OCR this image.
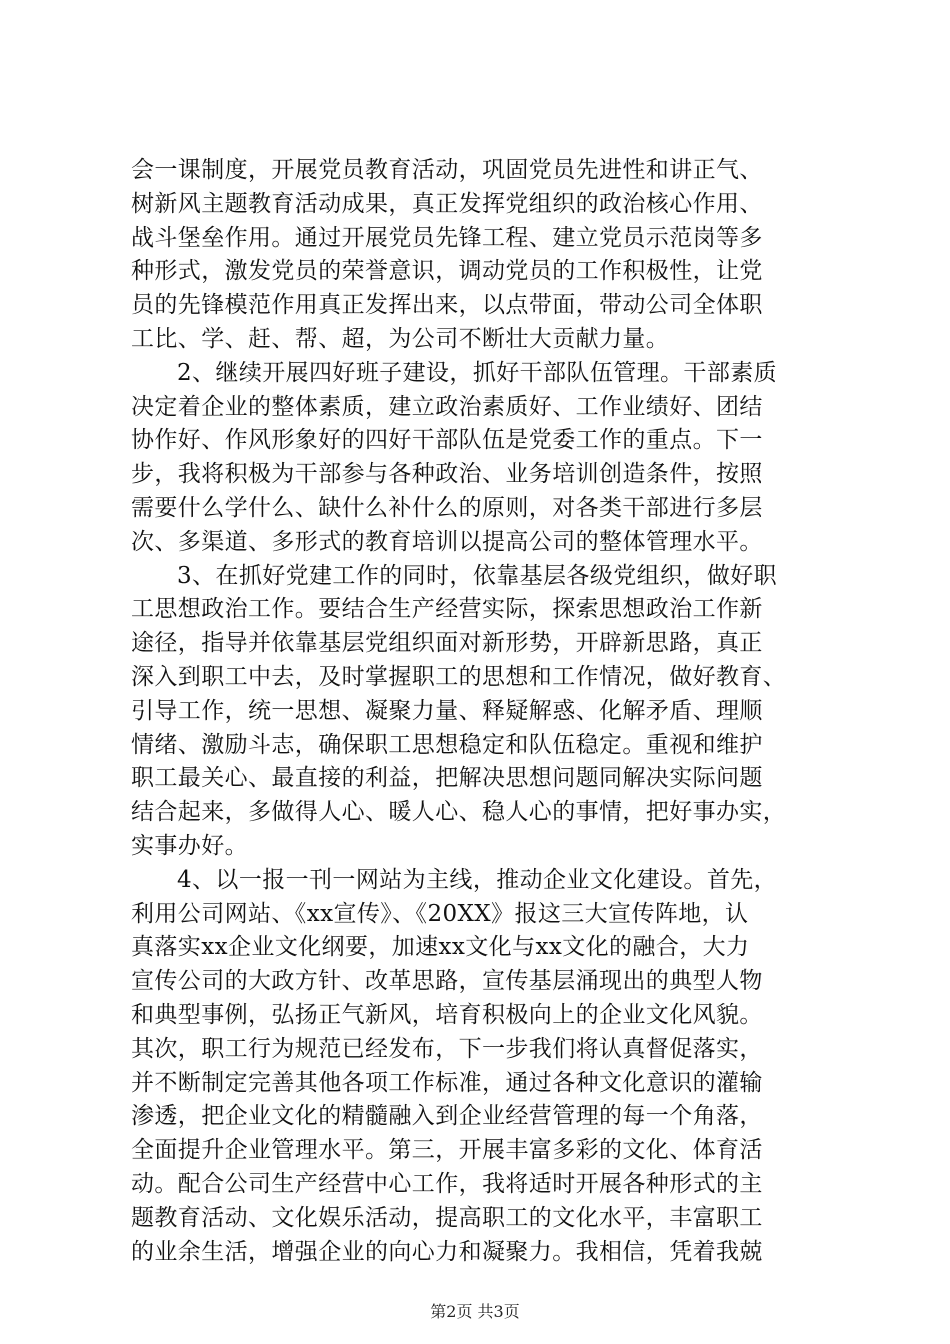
会一课制度，开展党员教育活动，巩固党员先进性和讲正气、
树新风主题教育活动成果，真正发挥党组织的政治核心作用、
战斗堡垒作用。通过开展党员先锋工程、建立党员示范岗等多
种形式，激发党员的荣誉意识，调动党员的工作积极性，让党
员的先锋模范作用真正发挥出来，以点带面，带动公司全体职
工比、学、赶、帮、超，为公司不断壮大贡献力量。
2、继续开展四好班子建设，抓好干部队伍管理。干部素质
决定着企业的整体素质，建立政治素质好、工作业绩好、团结
协作好、作风形象好的四好干部队伍是党委工作的重点。下一
步，我将积极为干部参与各种政治、业务培训创造条件，按照
需要什么学什么、缺什么补什么的原则，对各类干部进行多层
次、多渠道、多形式的教育培训以提高公司的整体管理水平。
3、在抓好党建工作的同时，依靠基层各级党组织，做好职
工思想政治工作。要结合生产经营实际，探索思想政治工作新
途径，指导并依靠基层党组织面对新形势，开辟新思路，真正
深入到职工中去，及时掌握职工的思想和工作情况，做好教育、
引导工作，统一思想、凝聚力量、释疑解惑、化解矛盾、理顺
情绪、激励斗志，确保职工思想稳定和队伍稳定。重视和维护
职工最关心、最直接的利益，把解决思想问题同解决实际问题
结合起来，多做得人心、暖人心、稳人心的事情，把好事办实，
实事办好。
4、以一报一刊一网站为主线，推动企业文化建设。首先，
利用公司网站、《xx宣传》、《20XX》报这三大宣传阵地，认
真落实xx企业文化纲要，加速xx文化与xx文化的融合，大力
宣传公司的大政方针、改革思路，宣传基层涌现出的典型人物
和典型事例，弘扬正气新风，培育积极向上的企业文化风貌。
其次，职工行为规范已经发布，下一步我们将认真督促落实，
并不断制定完善其他各项工作标准，通过各种文化意识的灌输
渗透，把企业文化的精髓融入到企业经营管理的每一个角落，
全面提升企业管理水平。第三，开展丰富多彩的文化、体育活
动。配合公司生产经营中心工作，我将适时开展各种形式的主
题教育活动、文化娱乐活动，提高职工的文化水平，丰富职工
的业余生活，增强企业的向心力和凝聚力。我相信，凭着我兢
第2页 共3页
